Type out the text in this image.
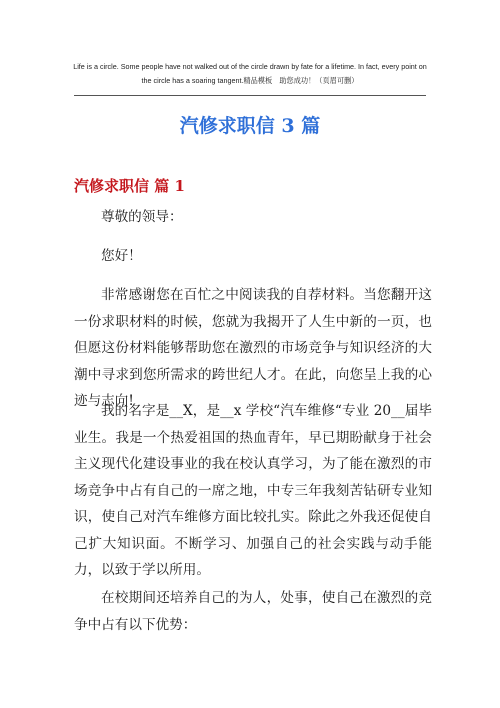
Life is a circle. Some people have not walked out of the circle drawn by fate for a lifetime. In fact, every point on
the circle has a soaring tangent.精品模板　助您成功！（页眉可删）
汽修求职信 3 篇
汽修求职信 篇 1
尊敬的领导：
您好！
非常感谢您在百忙之中阅读我的自荐材料。当您翻开这一份求职材料的时候，您就为我揭开了人生中新的一页，也但愿这份材料能够帮助您在激烈的市场竞争与知识经济的大潮中寻求到您所需求的跨世纪人才。在此，向您呈上我的心迹与志向!
我的名字是__X，是__x 学校“汽车维修“专业 20__届毕业生。我是一个热爱祖国的热血青年，早已期盼献身于社会主义现代化建设事业的我在校认真学习，为了能在激烈的市场竞争中占有自己的一席之地，中专三年我刻苦钻研专业知识，使自己对汽车维修方面比较扎实。除此之外我还促使自己扩大知识面。不断学习、加强自己的社会实践与动手能力，以致于学以所用。
在校期间还培养自己的为人，处事，使自己在激烈的竞争中占有以下优势：
